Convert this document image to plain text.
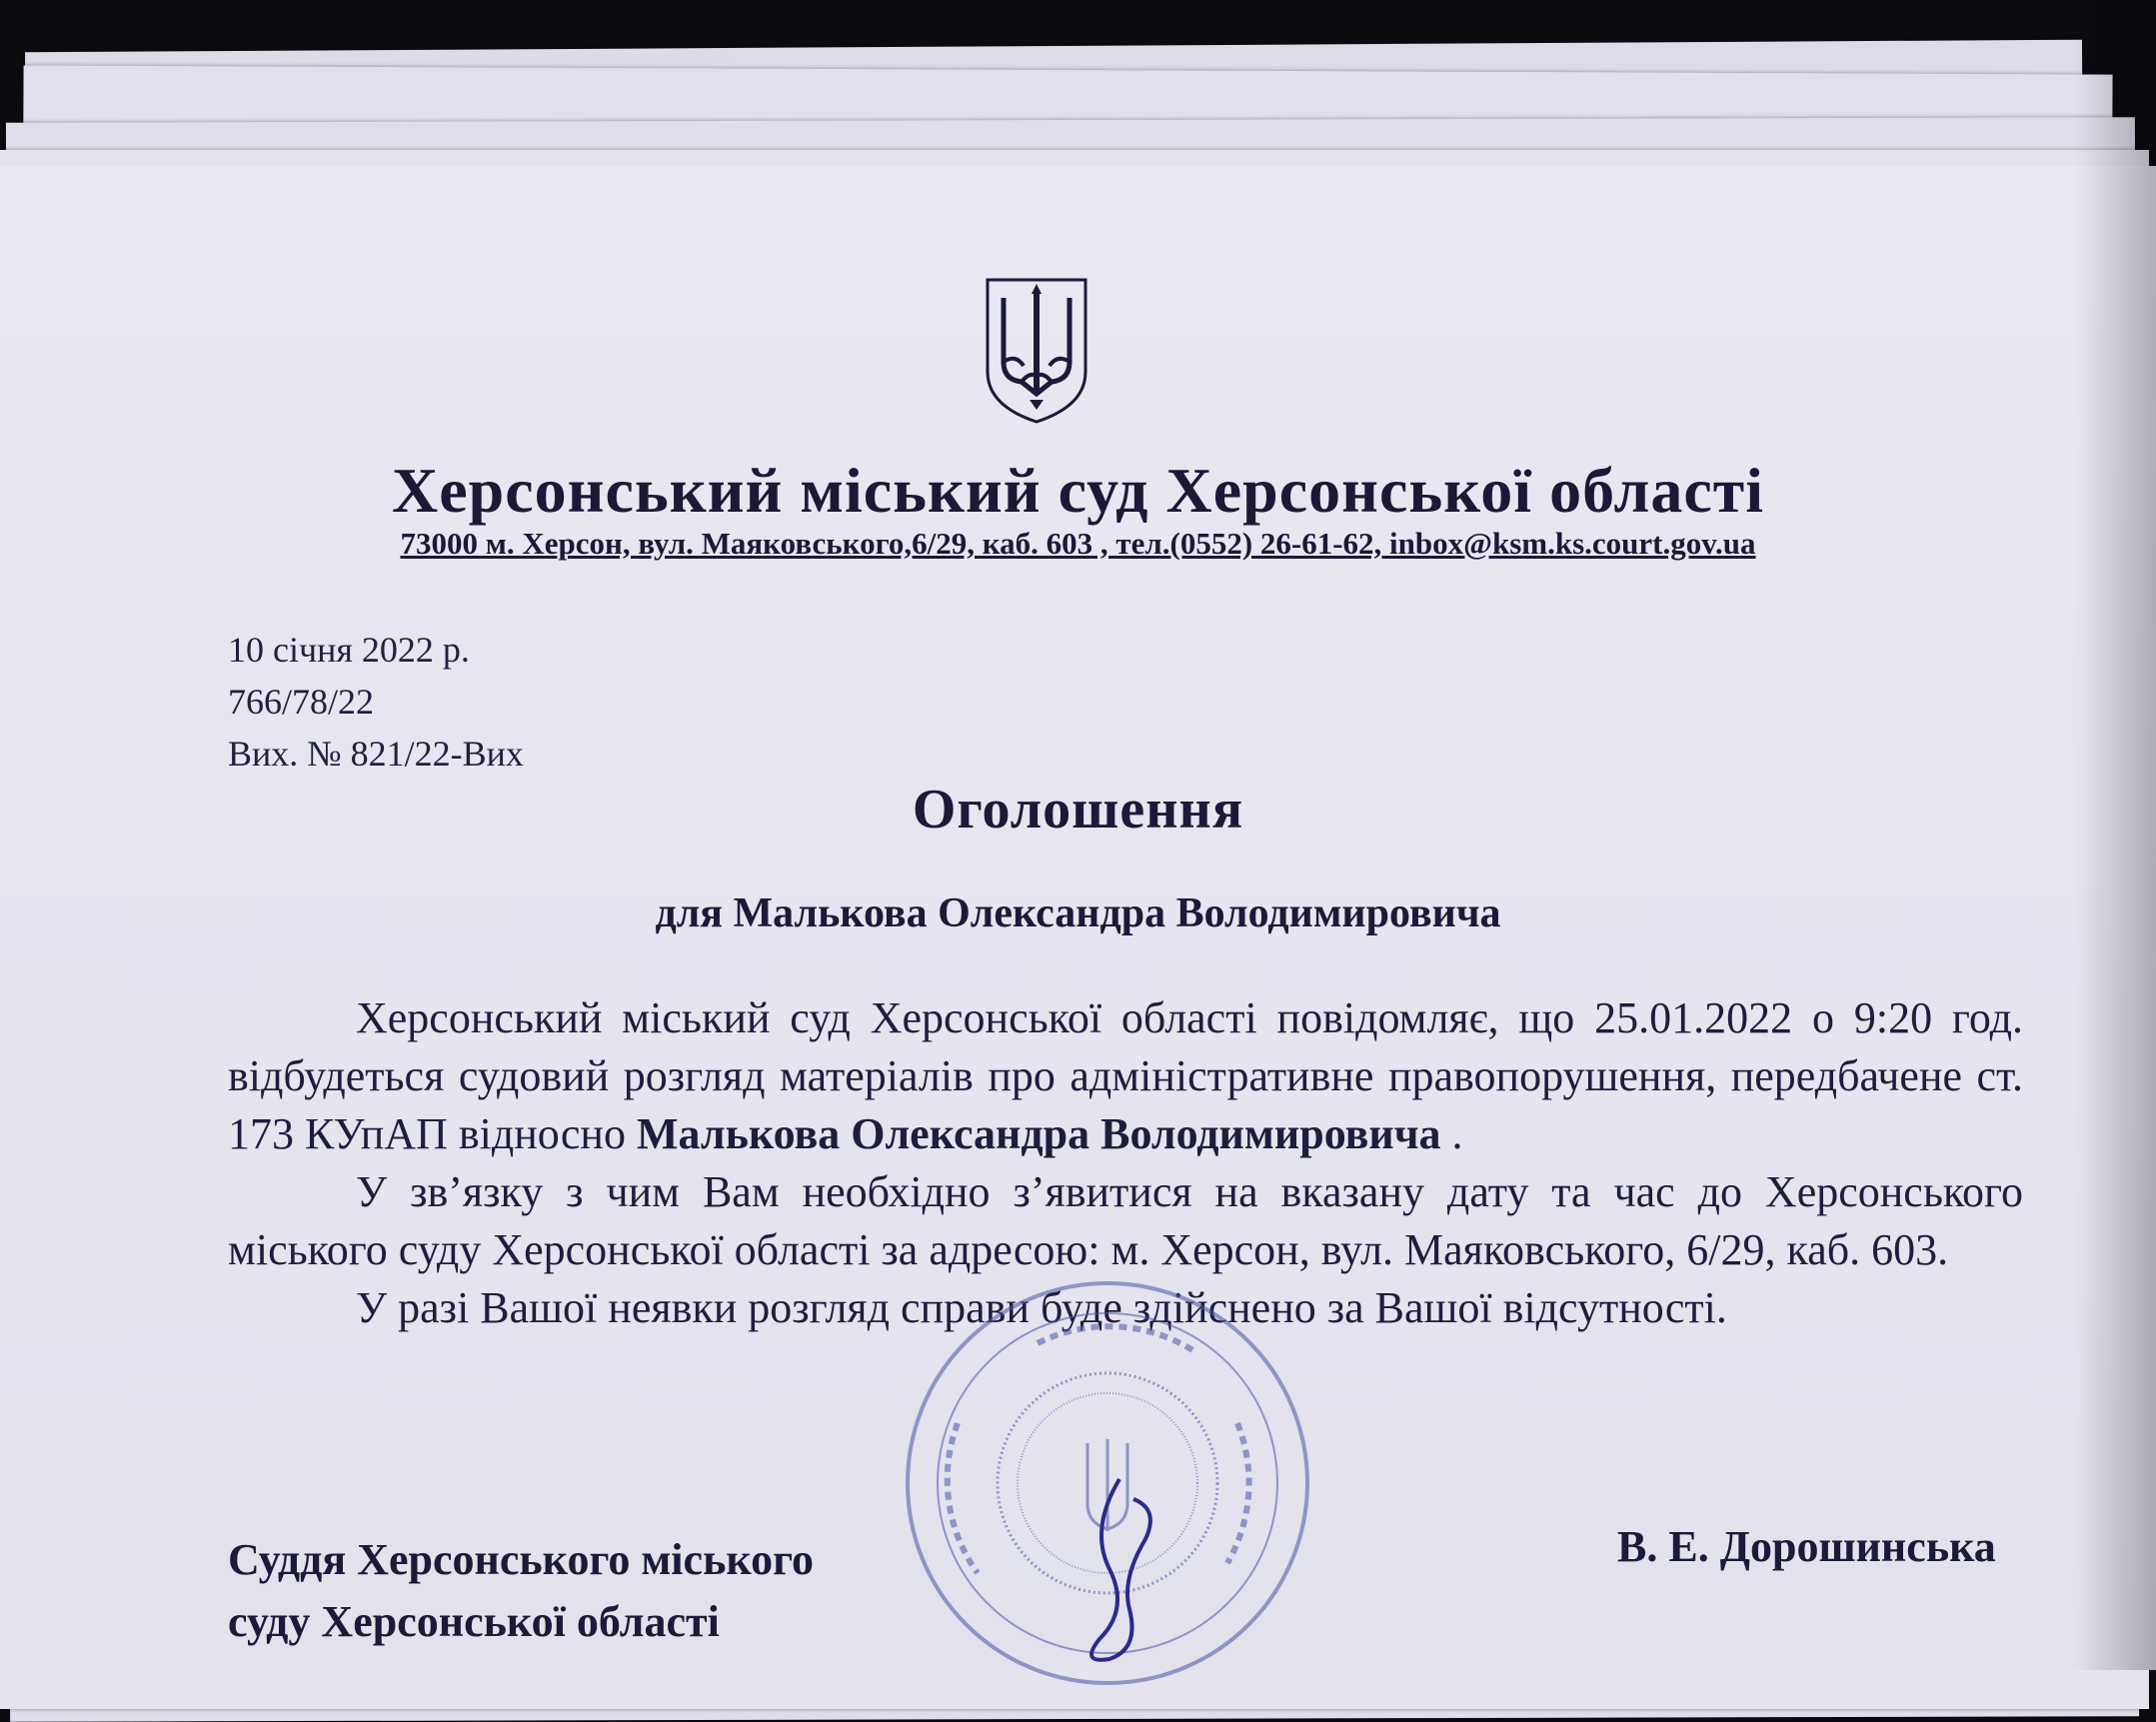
Херсонський міський суд Херсонської області
73000 м. Херсон, вул. Маяковського,6/29, каб. 603 , тел.(0552) 26-61-62, inbox@ksm.ks.court.gov.ua
10 січня 2022 р.
766/78/22
Вих. № 821/22-Вих
Оголошення
для Малькова Олександра Володимировича

Херсонський міський суд Херсонської області повідомляє, що 25.01.2022 о 9:20 год. відбудеться судовий розгляд матеріалів про адміністративне правопорушення, передбачене ст. 173 КУпАП відносно Малькова Олександра Володимировича .

У зв’язку з чим Вам необхідно з’явитися на вказану дату та час до Херсонського міського суду Херсонської області за адресою: м. Херсон, вул. Маяковського, 6/29, каб. 603.

У разі Вашої неявки розгляд справи буде здійснено за Вашої відсутності.

Суддя Херсонського міського
суду Херсонської області
В. Е. Дорошинська
